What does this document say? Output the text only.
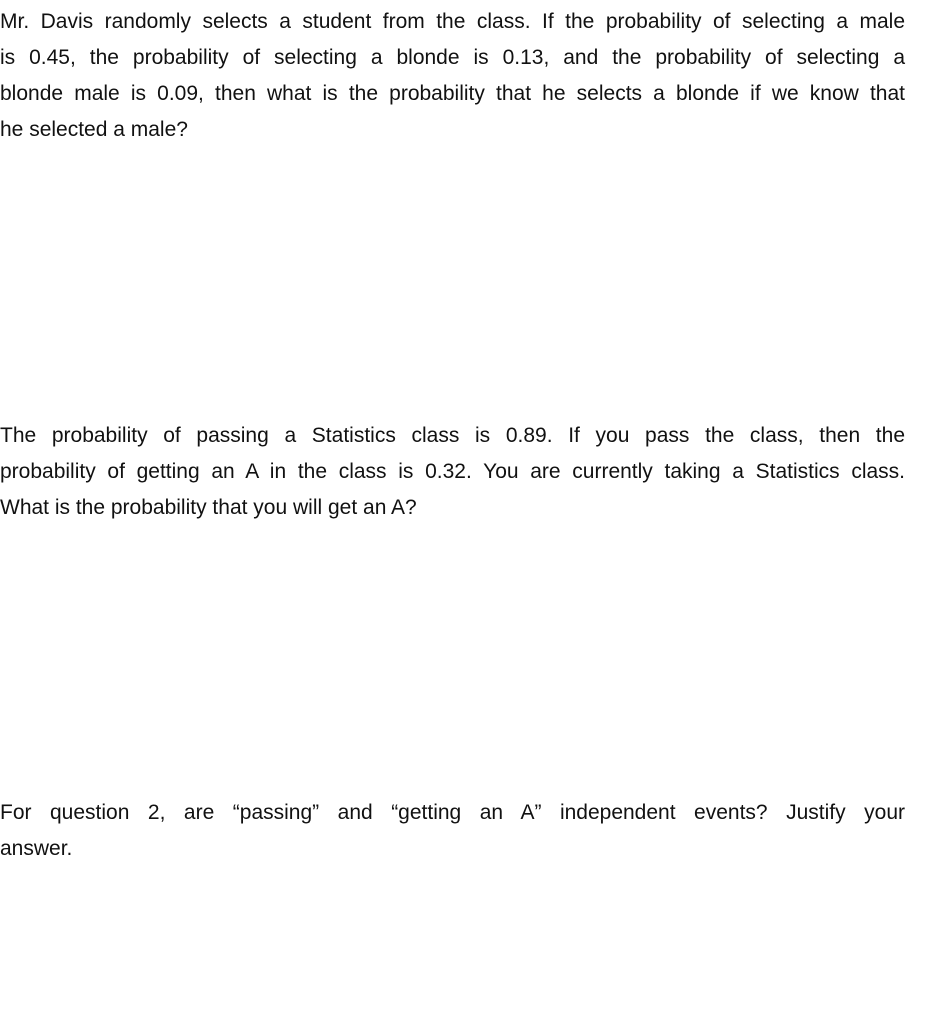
Mr. Davis randomly selects a student from the class. If the probability of selecting a male
is 0.45, the probability of selecting a blonde is 0.13, and the probability of selecting a
blonde male is 0.09, then what is the probability that he selects a blonde if we know that
he selected a male?
The probability of passing a Statistics class is 0.89. If you pass the class, then the
probability of getting an A in the class is 0.32. You are currently taking a Statistics class.
What is the probability that you will get an A?
For question 2, are “passing” and “getting an A” independent events? Justify your
answer.
